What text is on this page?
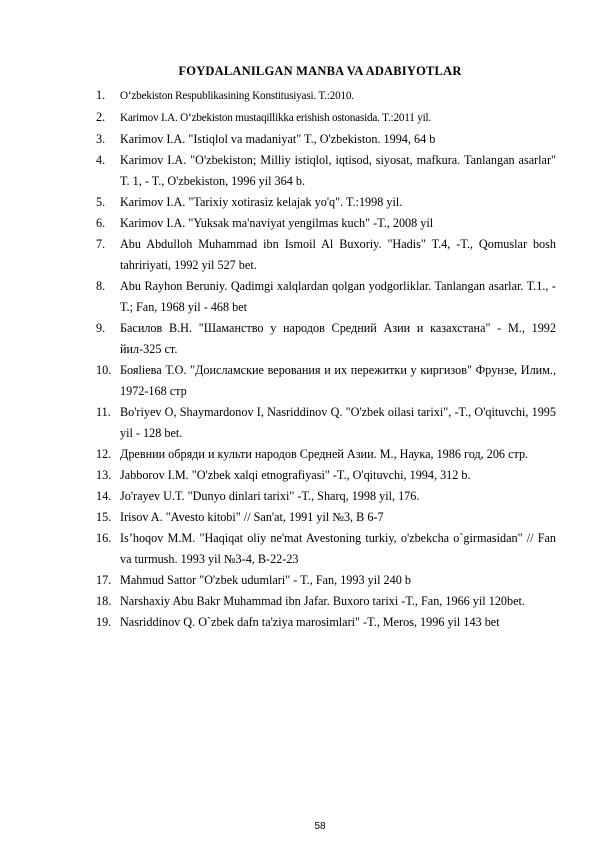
FOYDALANILGAN MANBA VA ADABIYOTLAR
1. O‘zbekiston Respublikasining Konstitusiyasi. T.:2010.
2. Karimov I.A. O‘zbekiston mustaqillikka erishish ostonasida. T.:2011 yil.
3. Karimov I.A. "Istiqlol va madaniyat" T., O'zbekiston. 1994, 64 b
4. Karimov I.A. "O'zbekiston; Milliy istiqlol, iqtisod, siyosat, mafkura. Tanlangan asarlar" T. 1, - T., O'zbekiston, 1996 yil 364 b.
5. Karimov I.A. "Tarixiy xotirasiz kelajak yo'q". T.:1998 yil.
6. Karimov I.A. "Yuksak ma'naviyat yengilmas kuch" -T., 2008 yil
7. Abu Abdulloh Muhammad ibn Ismoil Al Buxoriy. "Hadis" T.4, -T., Qomuslar bosh tahririyati, 1992 yil 527 bet.
8. Abu Rayhon Beruniy. Qadimgi xalqlardan qolgan yodgorliklar. Tanlangan asarlar. T.1., -T.; Fan, 1968 yil - 468 bet
9. Басилов В.Н. "Шаманство у народов Средний Азии и казахстана" - М., 1992 йил-325 ст.
10. Бояliева Т.О. "Доисламские верования и их пережитки у киргизов" Фрунзе, Илим., 1972-168 стр
11. Bo'riyev O, Shaymardonov I, Nasriddinov Q. "O'zbek oilasi tarixi", -T., O'qituvchi, 1995 yil - 128 bet.
12. Древнии обряди и культи народов Средней Азии. М., Наука, 1986 год, 206 стр.
13. Jabborov I.M. "O'zbek xalqi etnografiyasi" -T., O'qituvchi, 1994, 312 b.
14. Jo'rayev U.T. "Dunyo dinlari tarixi" -T., Sharq, 1998 yil, 176.
15. Irisov A. "Avesto kitobi" // San'at, 1991 yil №3, B 6-7
16. Is’hoqov M.M. "Haqiqat oliy ne'mat Avestoning turkiy, o'zbekcha o`girmasidan" // Fan va turmush. 1993 yil №3-4, B-22-23
17. Mahmud Sattor "O'zbek udumlari" - T., Fan, 1993 yil 240 b
18. Narshaxiy Abu Bakr Muhammad ibn Jafar. Buxoro tarixi -T., Fan, 1966 yil 120bet.
19. Nasriddinov Q. O`zbek dafn ta'ziya marosimlari" -T., Meros, 1996 yil 143 bet
58
